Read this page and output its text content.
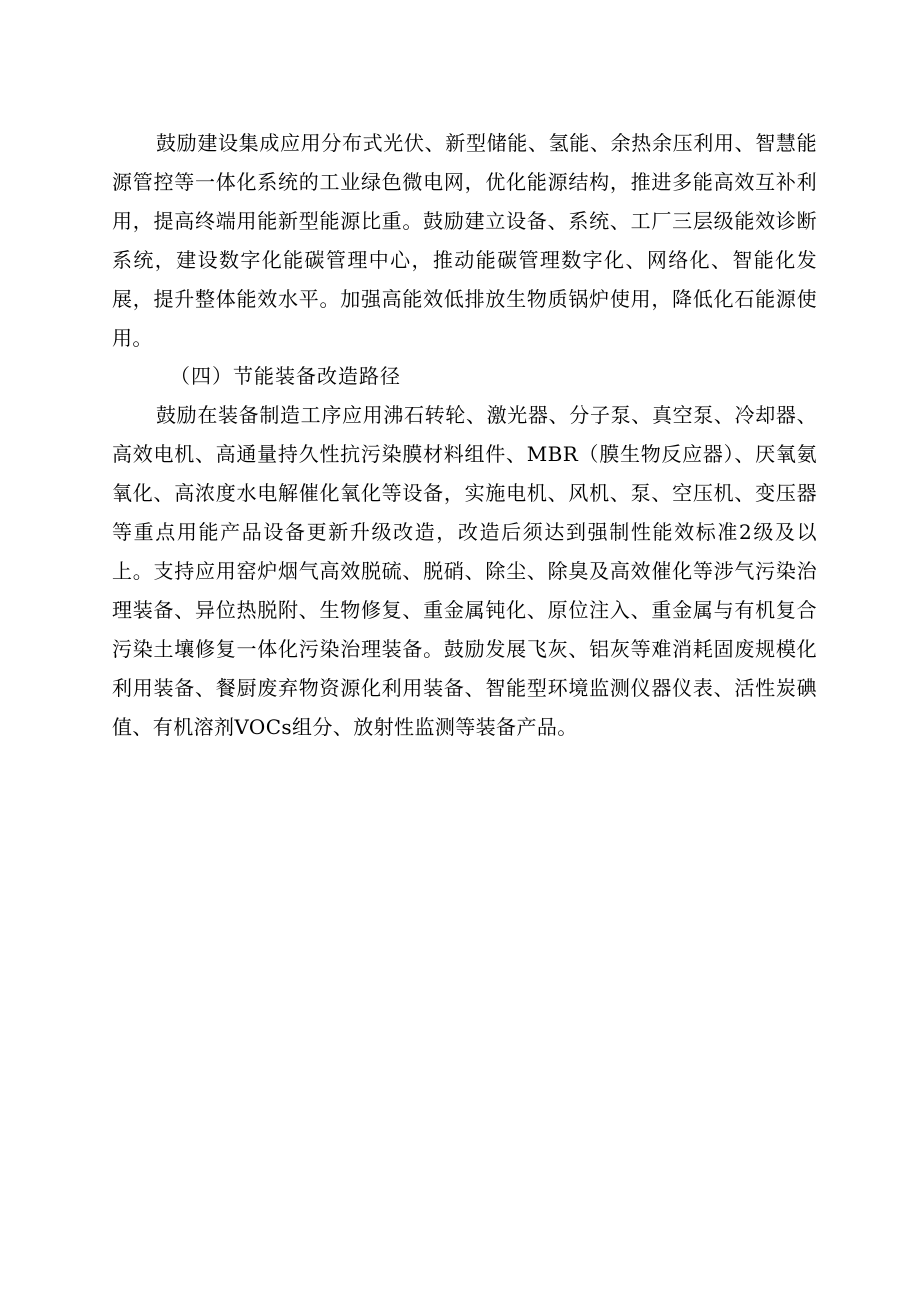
鼓励建设集成应用分布式光伏、新型储能、氢能、余热余压利用、智慧能源管控等一体化系统的工业绿色微电网，优化能源结构，推进多能高效互补利用，提高终端用能新型能源比重。鼓励建立设备、系统、工厂三层级能效诊断系统，建设数字化能碳管理中心，推动能碳管理数字化、网络化、智能化发展，提升整体能效水平。加强高能效低排放生物质锅炉使用，降低化石能源使用。

（四）节能装备改造路径

鼓励在装备制造工序应用沸石转轮、激光器、分子泵、真空泵、冷却器、高效电机、高通量持久性抗污染膜材料组件、MBR（膜生物反应器）、厌氧氨氧化、高浓度水电解催化氧化等设备，实施电机、风机、泵、空压机、变压器等重点用能产品设备更新升级改造，改造后须达到强制性能效标准2级及以上。支持应用窑炉烟气高效脱硫、脱硝、除尘、除臭及高效催化等涉气污染治理装备、异位热脱附、生物修复、重金属钝化、原位注入、重金属与有机复合污染土壤修复一体化污染治理装备。鼓励发展飞灰、铝灰等难消耗固废规模化利用装备、餐厨废弃物资源化利用装备、智能型环境监测仪器仪表、活性炭碘值、有机溶剂VOCs组分、放射性监测等装备产品。
